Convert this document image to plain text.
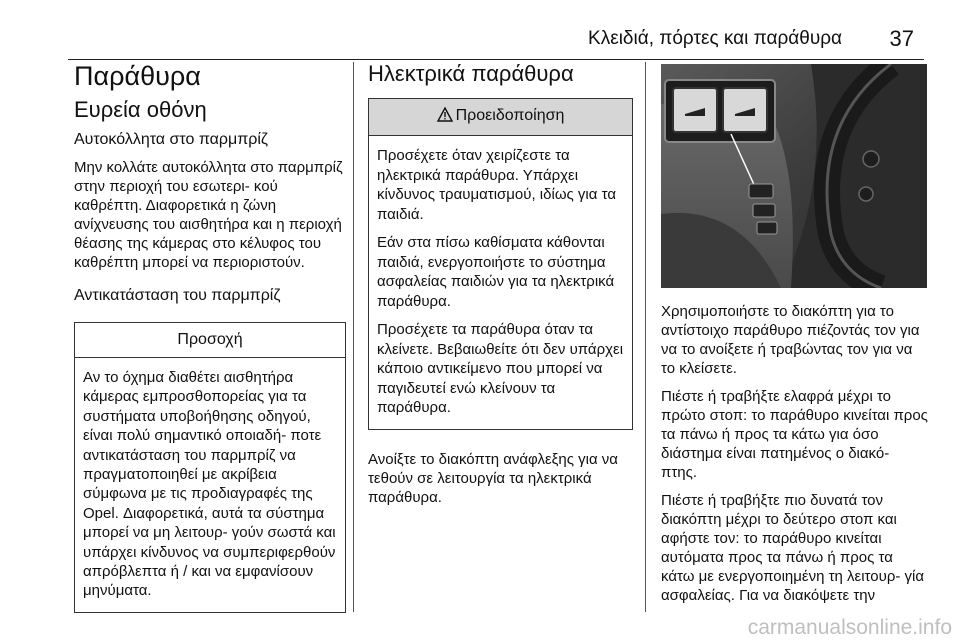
Κλειδιά, πόρτες και παράθυρα 37
Παράθυρα
Ευρεία οθόνη
Αυτοκόλλητα στο παρμπρίζ

Μην κολλάτε αυτοκόλλητα στο παρμπρίζ στην περιοχή του εσωτερι- κού καθρέπτη. Διαφορετικά η ζώνη ανίχνευσης του αισθητήρα και η περιοχή θέασης της κάμερας στο κέλυφος του καθρέπτη μπορεί να περιοριστούν.

Αντικατάσταση του παρμπρίζ
Προσοχή

Αν το όχημα διαθέτει αισθητήρα κάμερας εμπροσθοπορείας για τα συστήματα υποβοήθησης οδηγού, είναι πολύ σημαντικό οποιαδή- ποτε αντικατάσταση του παρμπρίζ να πραγματοποιηθεί με ακρίβεια σύμφωνα με τις προδιαγραφές της Opel. Διαφορετικά, αυτά τα σύστημα μπορεί να μη λειτουρ- γούν σωστά και υπάρχει κίνδυνος να συμπεριφερθούν απρόβλεπτα ή / και να εμφανίσουν μηνύματα.

Ηλεκτρικά παράθυρα
Προειδοποίηση

Προσέχετε όταν χειρίζεστε τα ηλεκτρικά παράθυρα. Υπάρχει κίνδυνος τραυματισμού, ιδίως για τα παιδιά.

Εάν στα πίσω καθίσματα κάθονται παιδιά, ενεργοποιήστε το σύστημα ασφαλείας παιδιών για τα ηλεκτρικά παράθυρα.

Προσέχετε τα παράθυρα όταν τα κλείνετε. Βεβαιωθείτε ότι δεν υπάρχει κάποιο αντικείμενο που μπορεί να παγιδευτεί ενώ κλείνουν τα παράθυρα.

Ανοίξτε το διακόπτη ανάφλεξης για να τεθούν σε λειτουργία τα ηλεκτρικά παράθυρα.

Χρησιμοποιήστε το διακόπτη για το αντίστοιχο παράθυρο πιέζοντάς τον για να το ανοίξετε ή τραβώντας τον για να το κλείσετε.

Πιέστε ή τραβήξτε ελαφρά μέχρι το πρώτο στοπ: το παράθυρο κινείται προς τα πάνω ή προς τα κάτω για όσο διάστημα είναι πατημένος ο διακό- πτης.

Πιέστε ή τραβήξτε πιο δυνατά τον διακόπτη μέχρι το δεύτερο στοπ και αφήστε τον: το παράθυρο κινείται αυτόματα προς τα πάνω ή προς τα κάτω με ενεργοποιημένη τη λειτουρ- γία ασφαλείας. Για να διακόψετε την

carmanualsonline.info
